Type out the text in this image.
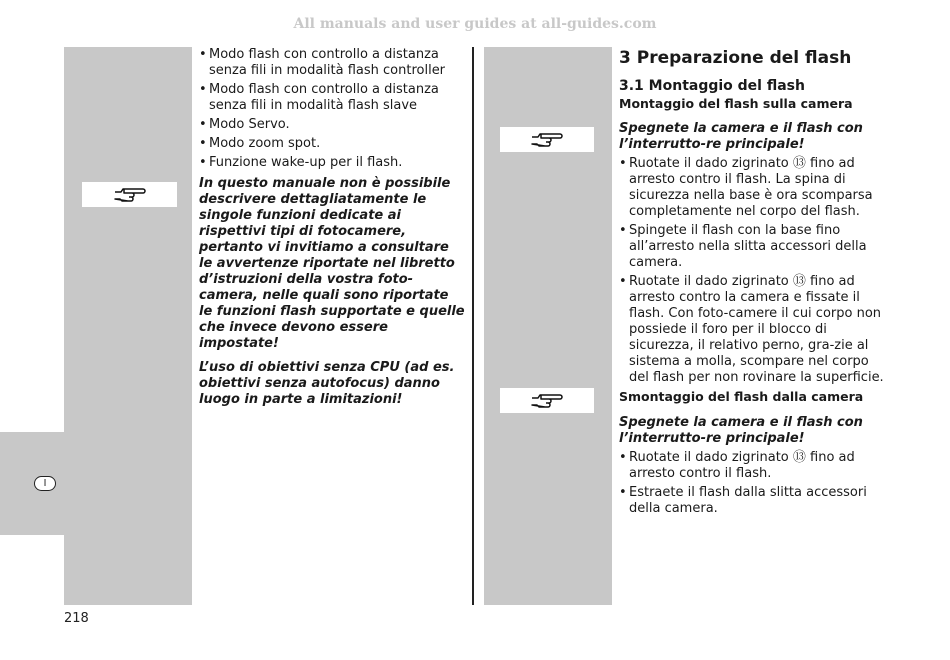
All manuals and user guides at all-guides.com
I
• Modo flash con controllo a distanza senza fili in modalità flash controller
• Modo flash con controllo a distanza senza fili in modalità flash slave
• Modo Servo.
• Modo zoom spot.
• Funzione wake-up per il flash.

In questo manuale non è possibile descrivere dettagliatamente le singole funzioni dedicate ai rispettivi tipi di fotocamere, pertanto vi invitiamo a consultare le avvertenze riportate nel libretto d’istruzioni della vostra foto-camera, nelle quali sono riportate le funzioni flash supportate e quelle che invece devono essere impostate!

L’uso di obiettivi senza CPU (ad es. obiettivi senza autofocus) danno luogo in parte a limitazioni!

3 Preparazione del flash
3.1 Montaggio del flash
Montaggio del flash sulla camera

Spegnete la camera e il flash con l’interrutto-re principale!

• Ruotate il dado zigrinato ⑬ fino ad arresto contro il flash. La spina di sicurezza nella base è ora scomparsa completamente nel corpo del flash.
• Spingete il flash con la base fino all’arresto nella slitta accessori della camera.
• Ruotate il dado zigrinato ⑬ fino ad arresto contro la camera e fissate il flash. Con foto-camere il cui corpo non possiede il foro per il blocco di sicurezza, il relativo perno, gra-zie al sistema a molla, scompare nel corpo del flash per non rovinare la superficie.
Smontaggio del flash dalla camera

Spegnete la camera e il flash con l’interrutto-re principale!

• Ruotate il dado zigrinato ⑬ fino ad arresto contro il flash.
• Estraete il flash dalla slitta accessori della camera.
218
